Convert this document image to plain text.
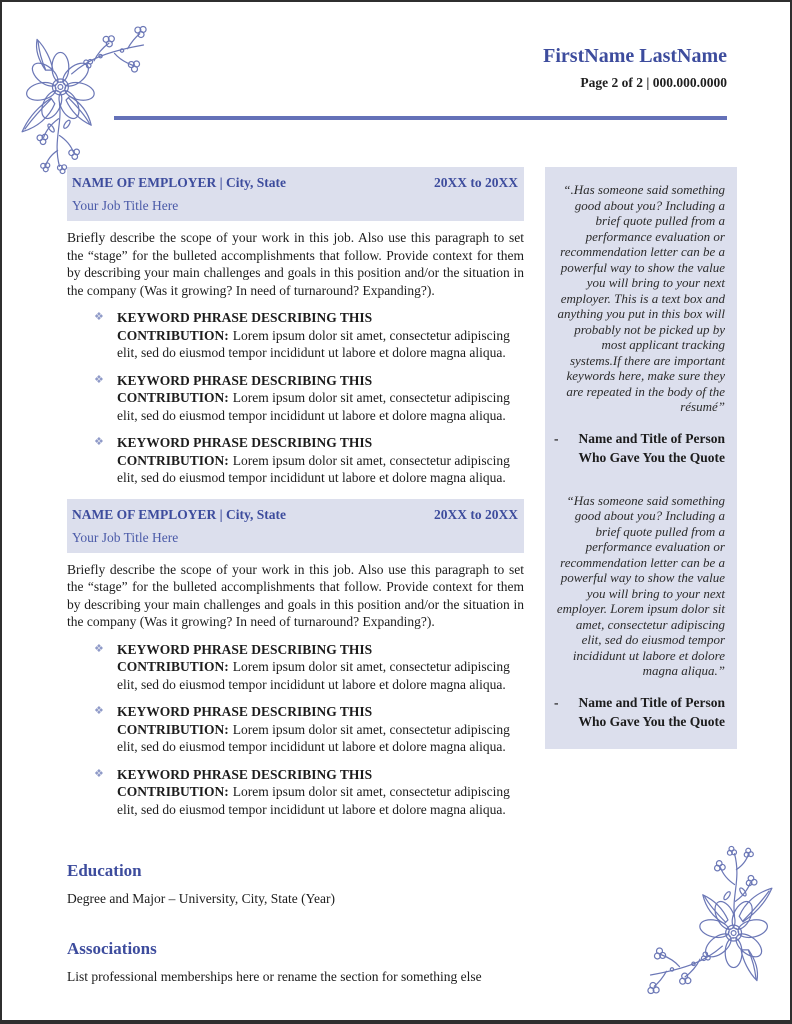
FirstName LastName
Page 2 of 2 | 000.000.0000
NAME OF EMPLOYER | City, State	20XX to 20XX
Your Job Title Here

Briefly describe the scope of your work in this job. Also use this paragraph to set the “stage” for the bulleted accomplishments that follow. Provide context for them by describing your main challenges and goals in this position and/or the situation in the company (Was it growing? In need of turnaround? Expanding?).

❖ KEYWORD PHRASE DESCRIBING THIS CONTRIBUTION: Lorem ipsum dolor sit amet, consectetur adipiscing elit, sed do eiusmod tempor incididunt ut labore et dolore magna aliqua.
❖ KEYWORD PHRASE DESCRIBING THIS CONTRIBUTION: Lorem ipsum dolor sit amet, consectetur adipiscing elit, sed do eiusmod tempor incididunt ut labore et dolore magna aliqua.
❖ KEYWORD PHRASE DESCRIBING THIS CONTRIBUTION: Lorem ipsum dolor sit amet, consectetur adipiscing elit, sed do eiusmod tempor incididunt ut labore et dolore magna aliqua.
NAME OF EMPLOYER | City, State	20XX to 20XX
Your Job Title Here

Briefly describe the scope of your work in this job. Also use this paragraph to set the “stage” for the bulleted accomplishments that follow. Provide context for them by describing your main challenges and goals in this position and/or the situation in the company (Was it growing? In need of turnaround? Expanding?).

❖ KEYWORD PHRASE DESCRIBING THIS CONTRIBUTION: Lorem ipsum dolor sit amet, consectetur adipiscing elit, sed do eiusmod tempor incididunt ut labore et dolore magna aliqua.
❖ KEYWORD PHRASE DESCRIBING THIS CONTRIBUTION: Lorem ipsum dolor sit amet, consectetur adipiscing elit, sed do eiusmod tempor incididunt ut labore et dolore magna aliqua.
❖ KEYWORD PHRASE DESCRIBING THIS CONTRIBUTION: Lorem ipsum dolor sit amet, consectetur adipiscing elit, sed do eiusmod tempor incididunt ut labore et dolore magna aliqua.

“.Has someone said something good about you? Including a brief quote pulled from a performance evaluation or recommendation letter can be a powerful way to show the value you will bring to your next employer. This is a text box and anything you put in this box will probably not be picked up by most applicant tracking systems.If there are important keywords here, make sure they are repeated in the body of the résumé”

-	Name and Title of Person Who Gave You the Quote

“Has someone said something good about you? Including a brief quote pulled from a performance evaluation or recommendation letter can be a powerful way to show the value you will bring to your next employer. Lorem ipsum dolor sit amet, consectetur adipiscing elit, sed do eiusmod tempor incididunt ut labore et dolore magna aliqua.”

-	Name and Title of Person Who Gave You the Quote
Education

Degree and Major – University, City, State (Year)

Associations

List professional memberships here or rename the section for something else
